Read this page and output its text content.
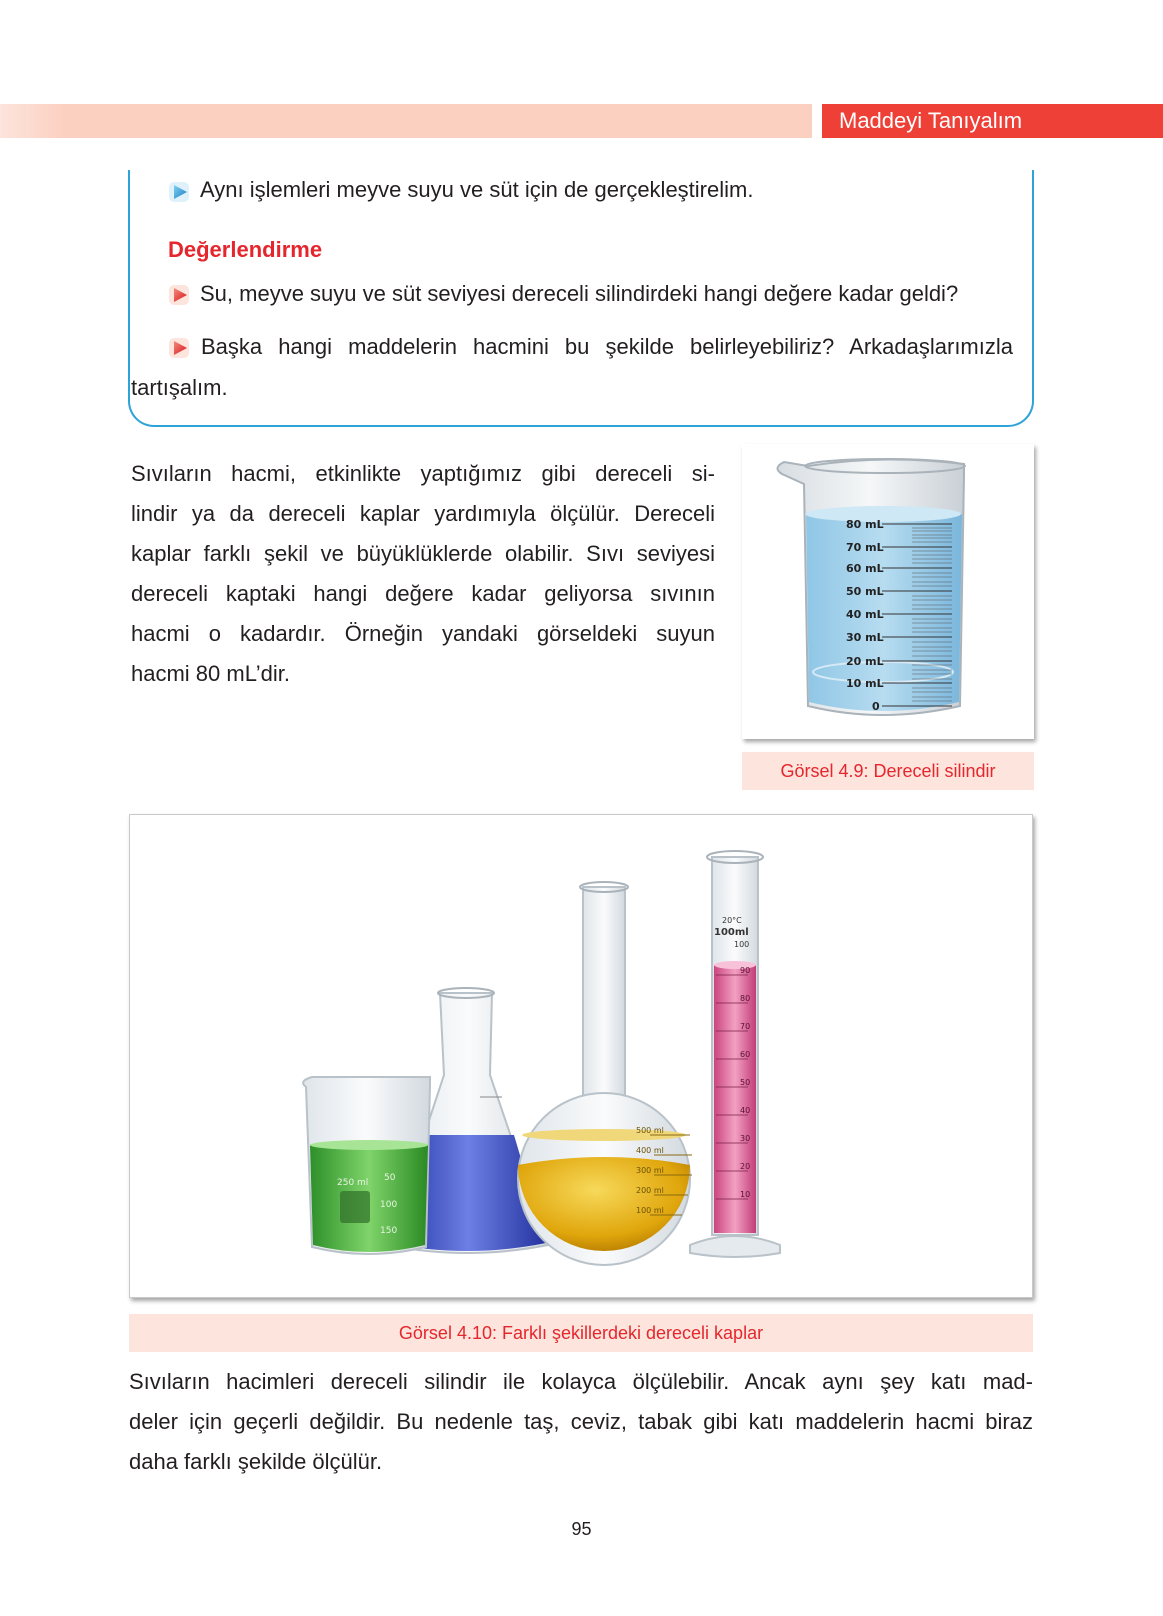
Maddeyi Tanıyalım
Aynı işlemleri meyve suyu ve süt için de gerçekleştirelim.
Değerlendirme
Su, meyve suyu ve süt seviyesi dereceli silindirdeki hangi değere kadar geldi?
Başka hangi maddelerin hacmini bu şekilde belirleyebiliriz? Arkadaşlarımızla
tartışalım.
Sıvıların hacmi, etkinlikte yaptığımız gibi dereceli si-
lindir ya da dereceli kaplar yardımıyla ölçülür. Dereceli
kaplar farklı şekil ve büyüklüklerde olabilir. Sıvı seviyesi
dereceli kaptaki hangi değere kadar geliyorsa sıvının
hacmi o kadardır. Örneğin yandaki görseldeki suyun
hacmi 80 mL’dir.
80 mL
70 mL
60 mL
50 mL
40 mL
30 mL
20 mL
10 mL
0
Görsel 4.9: Dereceli silindir
250 ml 50
100
150
500 ml
400 ml
300 ml
200 ml
100 ml
20°C
100ml
100
90
80
70
60
50
40
30
20
10
Görsel 4.10: Farklı şekillerdeki dereceli kaplar
Sıvıların hacimleri dereceli silindir ile kolayca ölçülebilir. Ancak aynı şey katı mad-
deler için geçerli değildir. Bu nedenle taş, ceviz, tabak gibi katı maddelerin hacmi biraz
daha farklı şekilde ölçülür.
95
